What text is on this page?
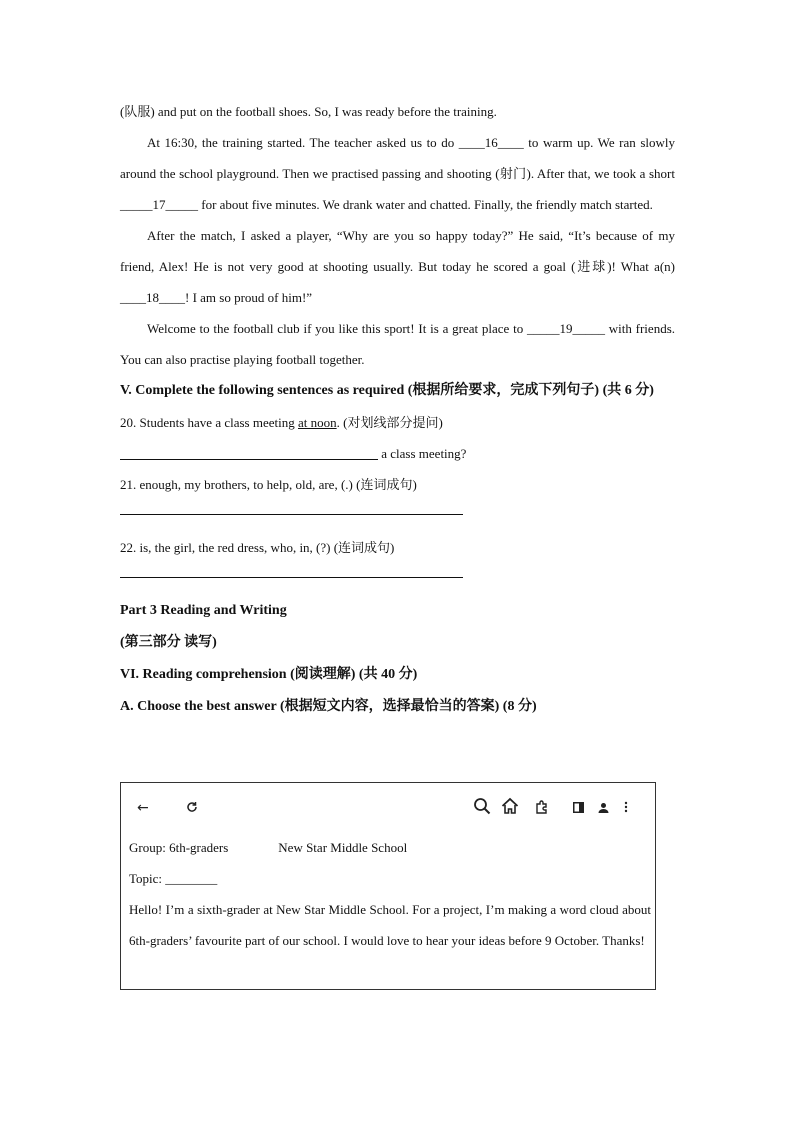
(队服) and put on the football shoes. So, I was ready before the training.

At 16:30, the training started. The teacher asked us to do ____16____ to warm up. We ran slowly around the school playground. Then we practised passing and shooting (射门). After that, we took a short _____17_____ for about five minutes. We drank water and chatted. Finally, the friendly match started.

After the match, I asked a player, “Why are you so happy today?” He said, “It’s because of my friend, Alex! He is not very good at shooting usually. But today he scored a goal (进球)! What a(n) ____18____! I am so proud of him!”

Welcome to the football club if you like this sport! It is a great place to _____19_____ with friends. You can also practise playing football together.

V. Complete the following sentences as required (根据所给要求，完成下列句子) (共 6 分)

20. Students have a class meeting at noon. (对划线部分提问)

a class meeting?

21. enough, my brothers, to help, old, are, (.) (连词成句)

22. is, the girl, the red dress, who, in, (?) (连词成句)

Part 3 Reading and Writing

(第三部分 读写)

VI. Reading comprehension (阅读理解) (共 40 分)

A. Choose the best answer (根据短文内容，选择最恰当的答案) (8 分)

←

Group: 6th-graders	New Star Middle School

Topic: ________

Hello! I’m a sixth-grader at New Star Middle School. For a project, I’m making a word cloud about 6th-graders’ favourite part of our school. I would love to hear your ideas before 9 October. Thanks!
